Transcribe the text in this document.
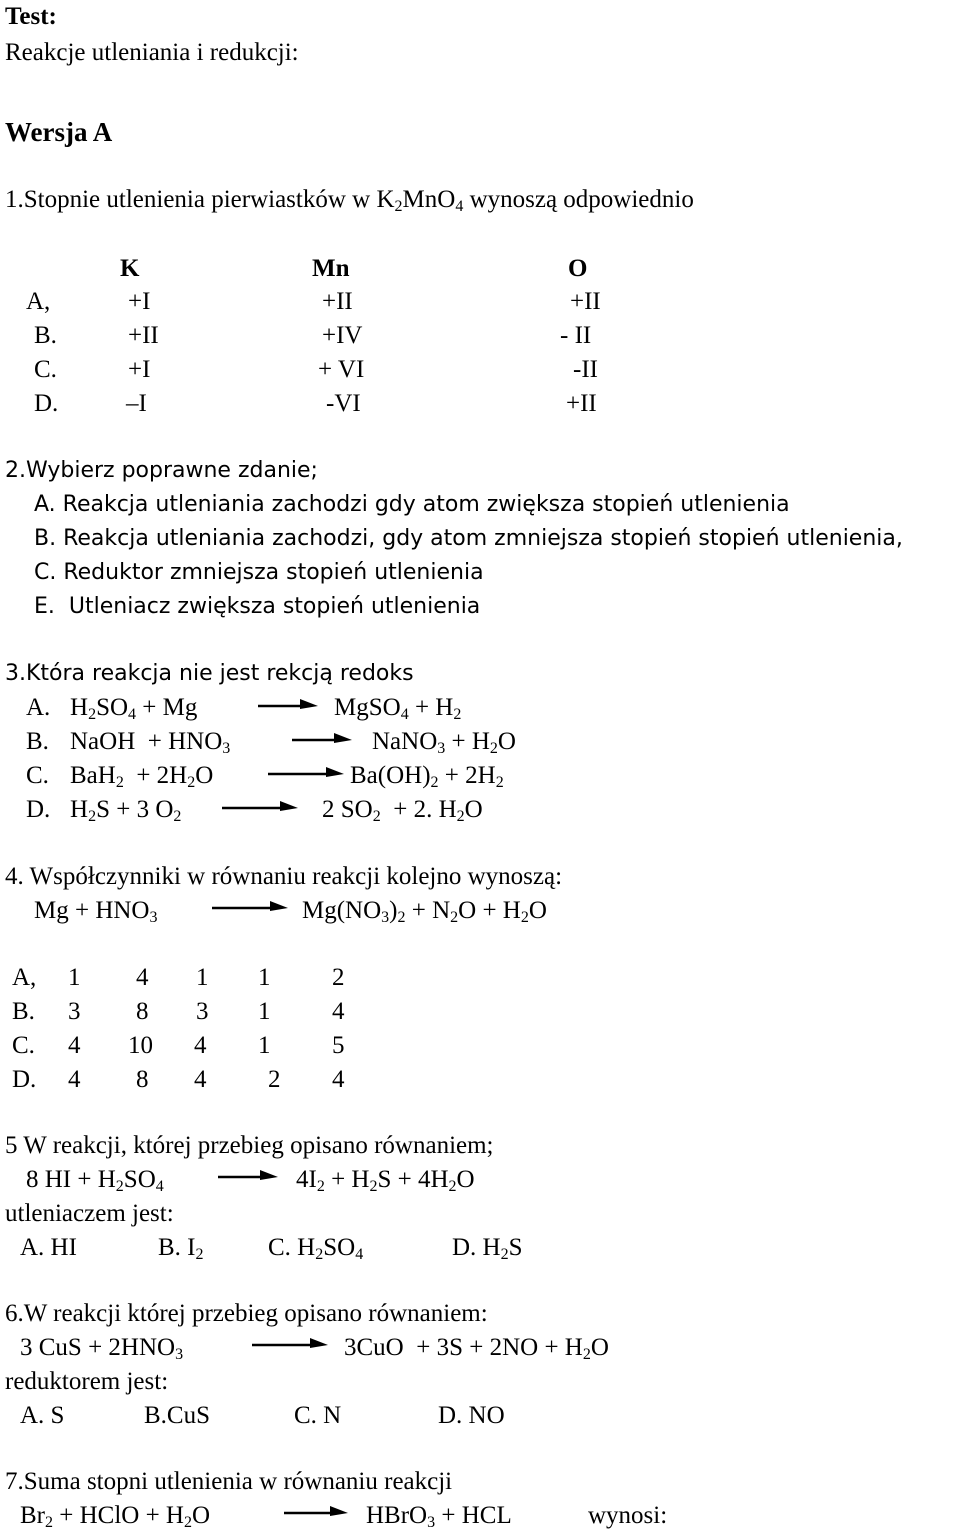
Test:
Reakcje utleniania i redukcji:
Wersja A
1.Stopnie utlenienia pierwiastków w $K_2MnO_4$ wynoszą odpowiednio
K	Mn	O
A,	+I	+II	+II
B.	+II	+IV	- II
C.	+I	+ VI	-II
D.	–I	-VI	+II
2.Wybierz poprawne zdanie;
A. Reakcja utleniania zachodzi gdy atom zwiększa stopień utlenienia
B. Reakcja utleniania zachodzi, gdy atom zmniejsza stopień stopień utlenienia,
C. Reduktor zmniejsza stopień utlenienia
E.  Utleniacz zwiększa stopień utlenienia
3.Która reakcja nie jest rekcją redoks
A. $H_2SO_4 + Mg$ → MgSO$_4$ + $H_2$
B. NaOH  + $HNO_3$ → NaNO$_3$ + $H_2O$
C. $BaH_2 + 2H_2O \to Ba(OH)_2 + 2H_2$
D. $H_2S + 3$ $O_2 \to 2$ $SO_2 + 2$. $H_2O$
4. Współczynniki w równaniu reakcji kolejno wynoszą:
$Mg + HNO_3 \to Mg(NO_3)_2 + N_2O + H_2O$
A, 1 4 1 1 2
B. 3 8 3 1 4
C. 4 10 4 1 5
D. 4 8 4 2 4
5 W reakcji, której przebieg opisano równaniem;
8 HI + $H_2SO_4 \to 4I_2 + H_2S + 4H_2O$
utleniaczem jest:
A. HI	B. $I_2$	C. $H_2SO_4$	D. $H_2S$
6.W reakcji której przebieg opisano równaniem:
3 CuS + $2HNO_3 \to 3CuO + 3S + 2NO + H_2O$
reduktorem jest:
A. S	B.CuS	C. N	D. NO
7.Suma stopni utlenienia w równaniu reakcji
$Br_2$ + HClO + $H_2O$	→ HBrO$_3$ + HCL	wynosi:
